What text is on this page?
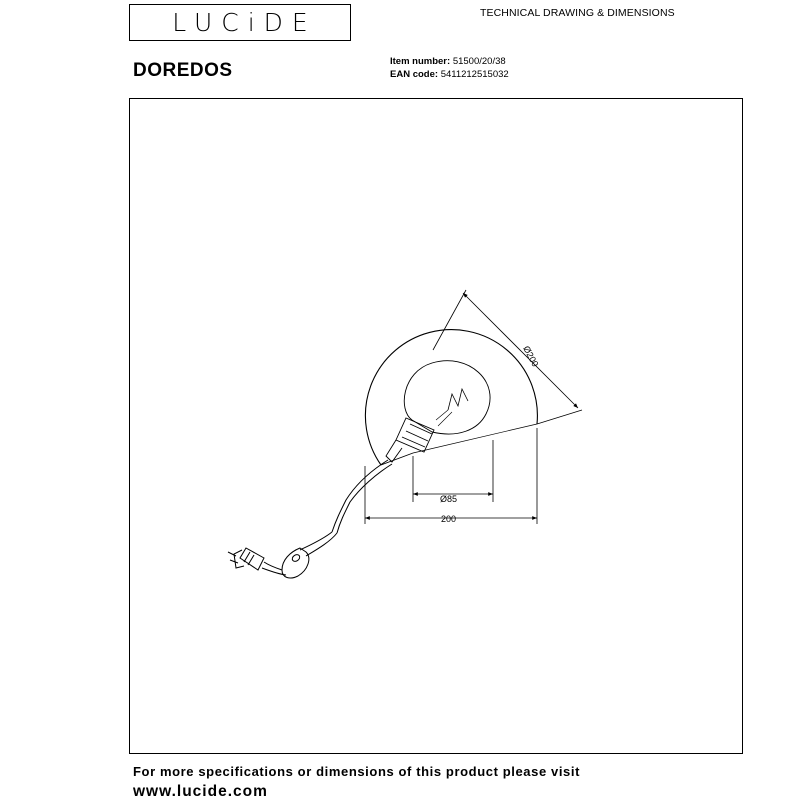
LUCiDE	TECHNICAL DRAWING & DIMENSIONS
DOREDOS	Item number: 51500/20/38
EAN code: 5411212515032
Ø200
Ø85
200
For more specifications or dimensions of this product please visit
www.lucide.com
